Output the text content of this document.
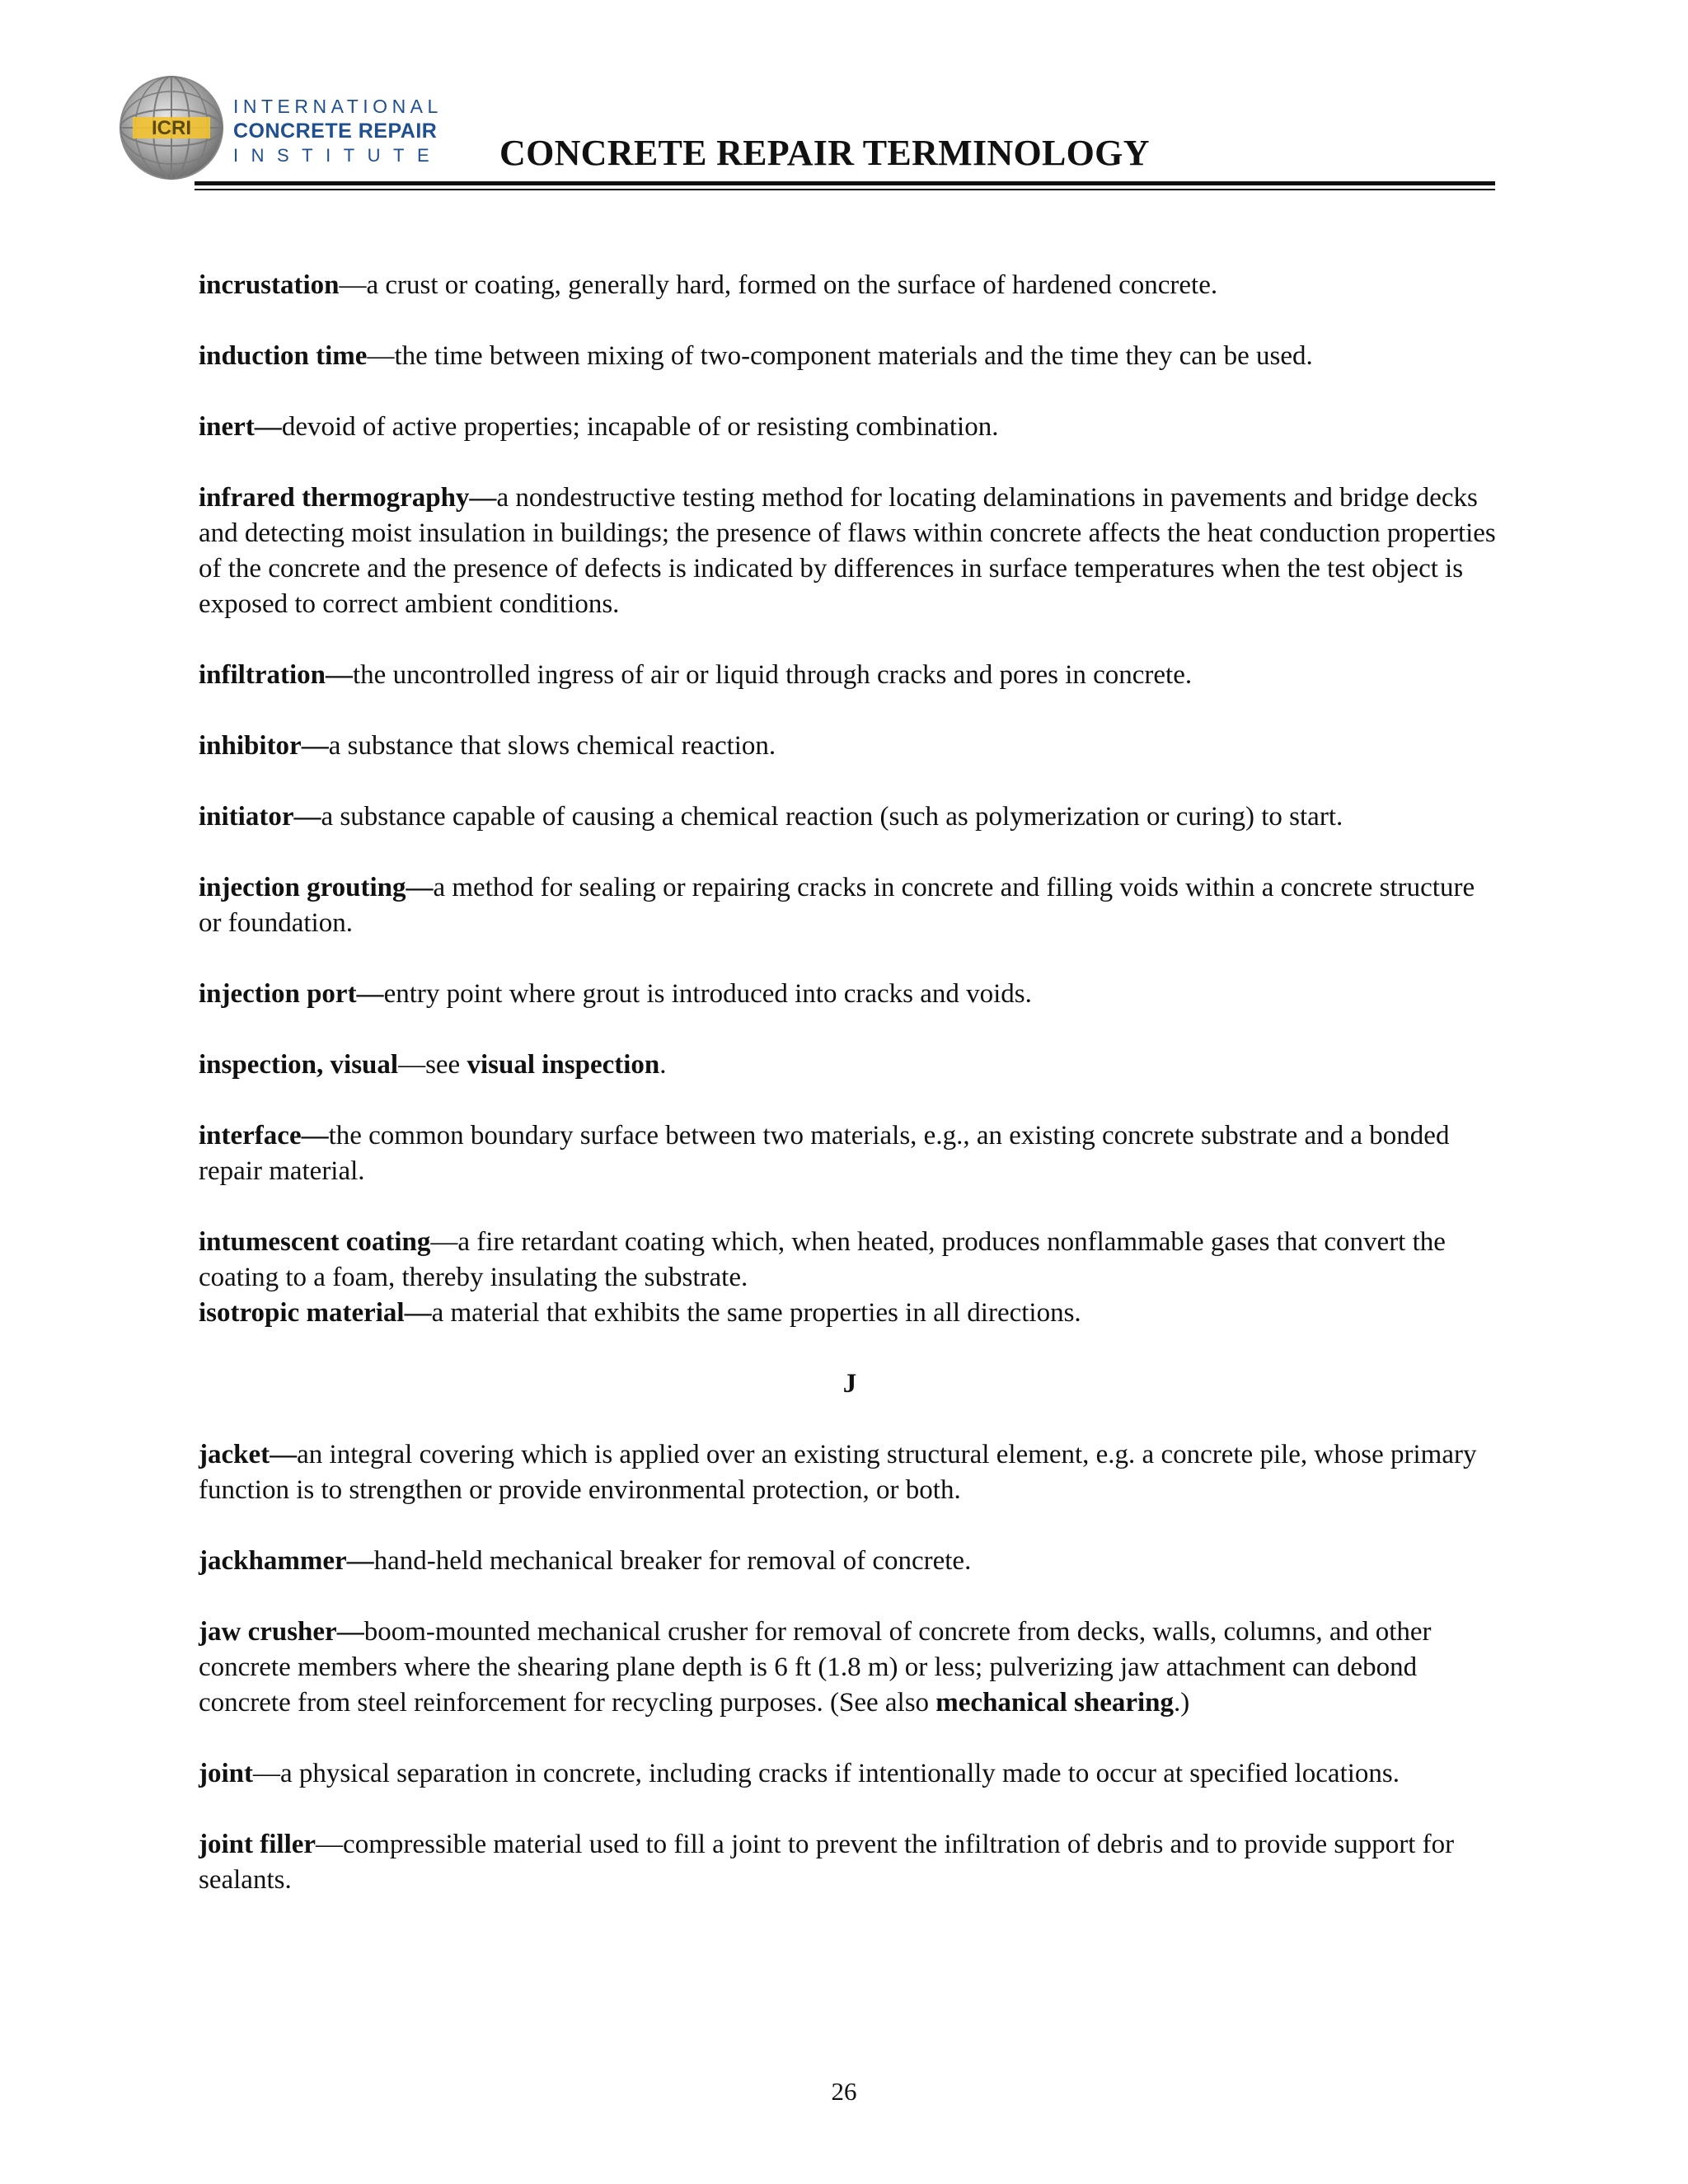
ICRI
INTERNATIONAL
CONCRETE REPAIR
INSTITUTE CONCRETE REPAIR TERMINOLOGY

incrustation—a crust or coating, generally hard, formed on the surface of hardened concrete.

induction time—the time between mixing of two-component materials and the time they can be used.

inert—devoid of active properties; incapable of or resisting combination.

infrared thermography—a nondestructive testing method for locating delaminations in pavements and bridge decks and detecting moist insulation in buildings; the presence of flaws within concrete affects the heat conduction properties of the concrete and the presence of defects is indicated by differences in surface temperatures when the test object is exposed to correct ambient conditions.

infiltration—the uncontrolled ingress of air or liquid through cracks and pores in concrete.

inhibitor—a substance that slows chemical reaction.

initiator—a substance capable of causing a chemical reaction (such as polymerization or curing) to start.

injection grouting—a method for sealing or repairing cracks in concrete and filling voids within a concrete structure or foundation.

injection port—entry point where grout is introduced into cracks and voids.

inspection, visual—see visual inspection.

interface—the common boundary surface between two materials, e.g., an existing concrete substrate and a bonded repair material.

intumescent coating—a fire retardant coating which, when heated, produces nonflammable gases that convert the coating to a foam, thereby insulating the substrate.

isotropic material—a material that exhibits the same properties in all directions.

J

jacket—an integral covering which is applied over an existing structural element, e.g. a concrete pile, whose primary function is to strengthen or provide environmental protection, or both.

jackhammer—hand-held mechanical breaker for removal of concrete.

jaw crusher—boom-mounted mechanical crusher for removal of concrete from decks, walls, columns, and other concrete members where the shearing plane depth is 6 ft (1.8 m) or less; pulverizing jaw attachment can debond concrete from steel reinforcement for recycling purposes. (See also mechanical shearing.)

joint—a physical separation in concrete, including cracks if intentionally made to occur at specified locations.

joint filler—compressible material used to fill a joint to prevent the infiltration of debris and to provide support for sealants.

26
